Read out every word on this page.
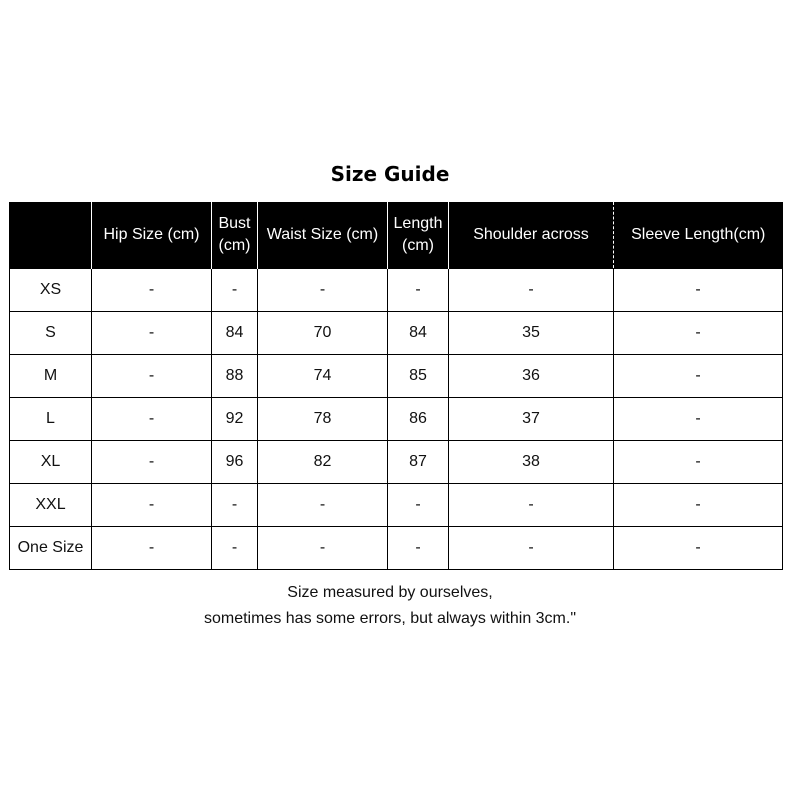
Size Guide
	Hip Size (cm)	Bust (cm)	Waist Size (cm)	Length (cm)	Shoulder across	Sleeve Length(cm)
XS	-	-	-	-	-	-
S	-	84	70	84	35	-
M	-	88	74	85	36	-
L	-	92	78	86	37	-
XL	-	96	82	87	38	-
XXL	-	-	-	-	-	-
One Size	-	-	-	-	-	-
Size measured by ourselves,
sometimes has some errors, but always within 3cm."
